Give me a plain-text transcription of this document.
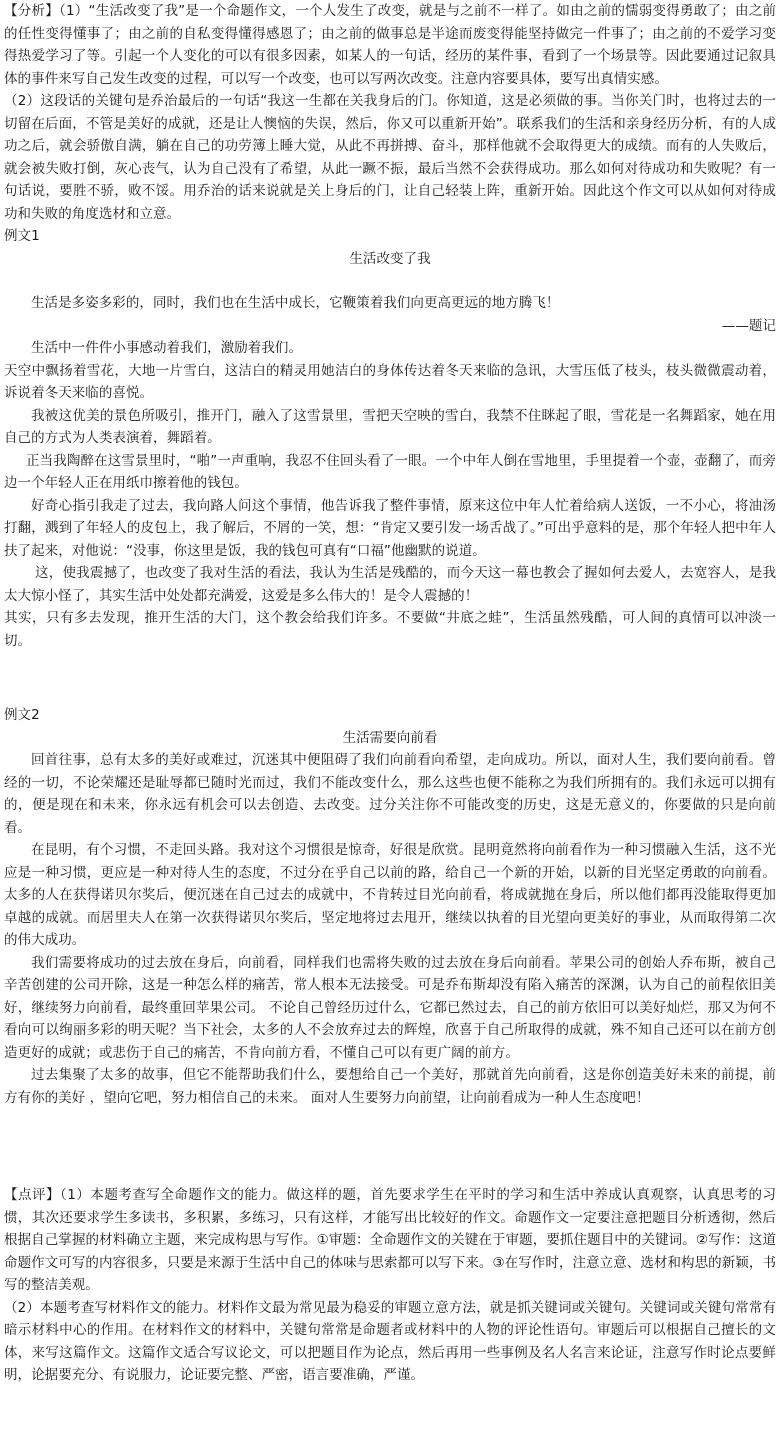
【分析】（1）“生活改变了我”是一个命题作文，一个人发生了改变，就是与之前不一样了。如由之前的懦弱变得勇敢了；由之前的任性变得懂事了；由之前的自私变得懂得感恩了；由之前的做事总是半途而废变得能坚持做完一件事了；由之前的不爱学习变得热爱学习了等。引起一个人变化的可以有很多因素，如某人的一句话，经历的某件事，看到了一个场景等。因此要通过记叙具体的事件来写自己发生改变的过程，可以写一个改变，也可以写两次改变。注意内容要具体，要写出真情实感。

（2）这段话的关键句是乔治最后的一句话“我这一生都在关我身后的门。你知道，这是必须做的事。当你关门时，也将过去的一切留在后面，不管是美好的成就，还是让人懊恼的失误，然后，你又可以重新开始”。联系我们的生活和亲身经历分析，有的人成功之后，就会骄傲自满，躺在自己的功劳簿上睡大觉，从此不再拼搏、奋斗，那样他就不会取得更大的成绩。而有的人失败后，就会被失败打倒，灰心丧气，认为自己没有了希望，从此一蹶不振，最后当然不会获得成功。那么如何对待成功和失败呢？有一句话说，要胜不骄，败不馁。用乔治的话来说就是关上身后的门，让自己轻装上阵，重新开始。因此这个作文可以从如何对待成功和失败的角度选材和立意。

例文1

生活改变了我

生活是多姿多彩的，同时，我们也在生活中成长，它鞭策着我们向更高更远的地方腾飞！

——题记

生活中一件件小事感动着我们，激励着我们。

天空中飘扬着雪花，大地一片雪白，这洁白的精灵用她洁白的身体传达着冬天来临的急讯，大雪压低了枝头，枝头微微震动着，诉说着冬天来临的喜悦。

我被这优美的景色所吸引，推开门，融入了这雪景里，雪把天空映的雪白，我禁不住眯起了眼，雪花是一名舞蹈家，她在用自己的方式为人类表演着，舞蹈着。

正当我陶醉在这雪景里时，“啪”一声重响，我忍不住回头看了一眼。一个中年人倒在雪地里，手里提着一个壶，壶翻了，而旁边一个年轻人正在用纸巾擦着他的钱包。

好奇心指引我走了过去，我向路人问这个事情，他告诉我了整件事情，原来这位中年人忙着给病人送饭，一不小心，将油汤打翻，溅到了年轻人的皮包上，我了解后，不屑的一笑，想：“肯定又要引发一场舌战了。”可出乎意料的是，那个年轻人把中年人扶了起来，对他说：“没事，你这里是饭，我的钱包可真有“口福”他幽默的说道。

这，使我震撼了，也改变了我对生活的看法，我认为生活是残酷的，而今天这一幕也教会了握如何去爱人，去宽容人，是我太大惊小怪了，其实生活中处处都充满爱，这爱是多么伟大的！是令人震撼的！

其实，只有多去发现，推开生活的大门，这个教会给我们许多。不要做“井底之蛙”，生活虽然残酷，可人间的真情可以冲淡一切。

例文2

生活需要向前看

回首往事，总有太多的美好或难过，沉迷其中便阻碍了我们向前看向希望，走向成功。所以，面对人生，我们要向前看。曾经的一切，不论荣耀还是耻辱都已随时光而过，我们不能改变什么，那么这些也便不能称之为我们所拥有的。我们永远可以拥有的，便是现在和未来，你永远有机会可以去创造、去改变。过分关注你不可能改变的历史，这是无意义的，你要做的只是向前看。

在昆明，有个习惯，不走回头路。我对这个习惯很是惊奇，好很是欣赏。昆明竟然将向前看作为一种习惯融入生活，这不光应是一种习惯，更应是一种对待人生的态度，不过分在乎自己以前的路，给自己一个新的开始，以新的目光坚定勇敢的向前看。 太多的人在获得诺贝尔奖后，便沉迷在自己过去的成就中，不肯转过目光向前看，将成就抛在身后，所以他们都再没能取得更加卓越的成就。而居里夫人在第一次获得诺贝尔奖后，坚定地将过去甩开，继续以执着的目光望向更美好的事业，从而取得第二次的伟大成功。

我们需要将成功的过去放在身后，向前看，同样我们也需将失败的过去放在身后向前看。苹果公司的创始人乔布斯，被自己辛苦创建的公司开除，这是一种怎么样的痛苦，常人根本无法接受。可是乔布斯却没有陷入痛苦的深渊，认为自己的前程依旧美好，继续努力向前看，最终重回苹果公司。 不论自己曾经历过什么，它都已然过去，自己的前方依旧可以美好灿烂，那又为何不看向可以绚丽多彩的明天呢？当下社会，太多的人不会放弃过去的辉煌，欣喜于自己所取得的成就，殊不知自己还可以在前方创造更好的成就；或悲伤于自己的痛苦，不肯向前方看，不懂自己可以有更广阔的前方。

过去集聚了太多的故事，但它不能帮助我们什么，要想给自己一个美好，那就首先向前看，这是你创造美好未来的前提，前方有你的美好 ，望向它吧，努力相信自己的未来。 面对人生要努力向前望，让向前看成为一种人生态度吧！

【点评】（1）本题考查写全命题作文的能力。做这样的题，首先要求学生在平时的学习和生活中养成认真观察，认真思考的习惯，其次还要求学生多读书，多积累，多练习，只有这样，才能写出比较好的作文。命题作文一定要注意把题目分析透彻，然后根据自己掌握的材料确立主题，来完成构思与写作。①审题：全命题作文的关键在于审题，要抓住题目中的关键词。②写作：这道命题作文可写的内容很多，只要是来源于生活中自己的体味与思索都可以写下来。③在写作时，注意立意、选材和构思的新颖，书写的整洁美观。

（2）本题考查写材料作文的能力。材料作文最为常见最为稳妥的审题立意方法，就是抓关键词或关键句。关键词或关键句常常有暗示材料中心的作用。在材料作文的材料中，关键句常常是命题者或材料中的人物的评论性语句。审题后可以根据自己擅长的文体，来写这篇作文。这篇作文适合写议论文，可以把题目作为论点，然后再用一些事例及名人名言来论证，注意写作时论点要鲜明，论据要充分、有说服力，论证要完整、严密，语言要准确，严谨。
